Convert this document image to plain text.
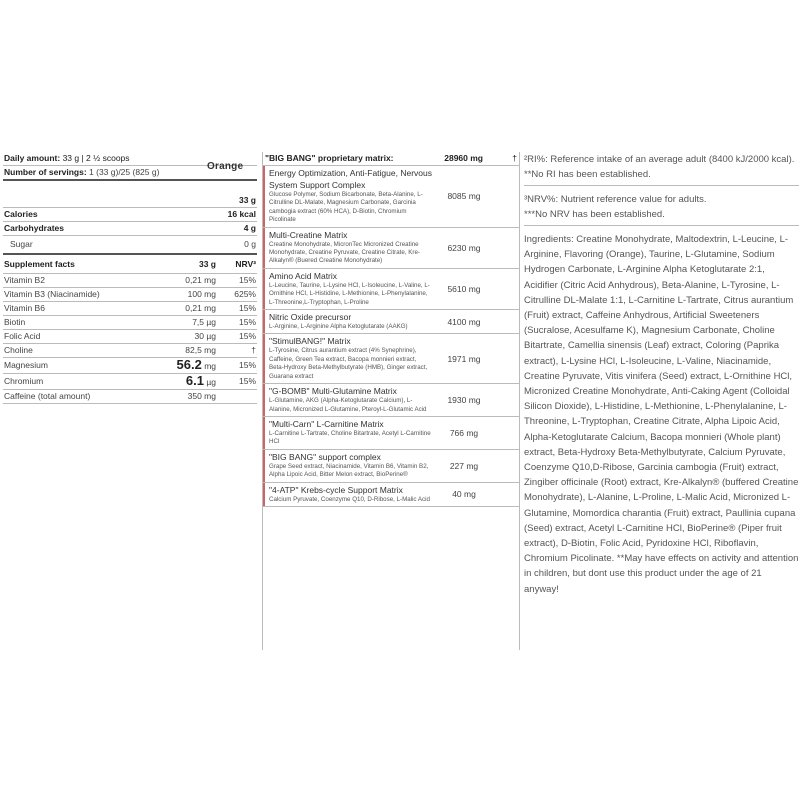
Daily amount: 33 g | 2 ½ scoops
Number of servings: 1 (33 g)/25 (825 g)
33 g
Calories	16 kcal
Carbohydrates	4 g
Sugar	0 g
Supplement facts	33 g	NRV³
Vitamin B2	0,21 mg	15%
Vitamin B3 (Niacinamide)	100 mg	625%
Vitamin B6	0,21 mg	15%
Biotin	7,5 µg	15%
Folic Acid	30 µg	15%
Choline	82,5 mg	†
Magnesium	56.2 mg	15%
Chromium	6.1 µg	15%
Caffeine (total amount)	350 mg
Orange
"BIG BANG" proprietary matrix:	28960 mg	†
Energy Optimization, Anti-Fatigue, Nervous System Support Complex
Glucose Polymer, Sodium Bicarbonate, Beta-Alanine, L-Citrulline DL-Malate, Magnesium Carbonate, Garcinia cambogia extract (60% HCA), D-Biotin, Chromium Picolinate
8085 mg
Multi-Creatine Matrix
Creatine Monohydrate, MicronTec Micronized Creatine Monohydrate, Creatine Pyruvate, Creatine Citrate, Kre-Alkalyn® (Buered Creatine Monohydrate)
6230 mg
Amino Acid Matrix
L-Leucine, Taurine, L-Lysine HCl, L-Isoleucine, L-Valine, L-Ornithine HCl, L-Histidine, L-Methionine, L-Phenylalanine, L-Threonine,L-Tryptophan, L-Proline
5610 mg
Nitric Oxide precursor
L-Arginine, L-Arginine Alpha Ketoglutarate (AAKG)	4100 mg
"StimulBANG!" Matrix
L-Tyrosine, Citrus aurantium extract (4% Synephrine), Caffeine, Green Tea extract, Bacopa monnieri extract, Beta-Hydroxy Beta-Methylbutyrate (HMB), Ginger extract, Guarana extract
1971 mg
"G-BOMB" Multi-Glutamine Matrix
L-Glutamine, AKG (Alpha-Ketoglutarate Calcium), L-Alanine, Micronized L-Glutamine, Pteroyl-L-Glutamic Acid
1930 mg
"Multi-Carn" L-Carnitine Matrix
L-Carnitine L-Tartrate, Choline Bitartrate, Acetyl L-Carnitine HCl
766 mg
"BIG BANG" support complex
Grape Seed extract, Niacinamide, Vitamin B6, Vitamin B2, Alpha Lipoic Acid, Bitter Melon extract, BioPerine®
227 mg
"4-ATP" Krebs-cycle Support Matrix
Calcium Pyruvate, Coenzyme Q10, D-Ribose, L-Malic Acid	40 mg
²RI%: Reference intake of an average adult (8400 kJ/2000 kcal).
**No RI has been established.
³NRV%: Nutrient reference value for adults.
***No NRV has been established.
Ingredients: Creatine Monohydrate, Maltodextrin, L-Leucine, L-Arginine, Flavoring (Orange), Taurine, L-Glutamine, Sodium Hydrogen Carbonate, L-Arginine Alpha Ketoglutarate 2:1, Acidifier (Citric Acid Anhydrous), Beta-Alanine, L-Tyrosine, L-Citrulline DL-Malate 1:1, L-Carnitine L-Tartrate, Citrus aurantium (Fruit) extract, Caffeine Anhydrous, Artificial Sweeteners (Sucralose, Acesulfame K), Magnesium Carbonate, Choline Bitartrate, Camellia sinensis (Leaf) extract, Coloring (Paprika extract), L-Lysine HCl, L-Isoleucine, L-Valine, Niacinamide, Creatine Pyruvate, Vitis vinifera (Seed) extract, L-Ornithine HCl, Micronized Creatine Monohydrate, Anti-Caking Agent (Colloidal Silicon Dioxide), L-Histidine, L-Methionine, L-Phenylalanine, L-Threonine, L-Tryptophan, Creatine Citrate, Alpha Lipoic Acid, Alpha-Ketoglutarate Calcium, Bacopa monnieri (Whole plant) extract, Beta-Hydroxy Beta-Methylbutyrate, Calcium Pyruvate, Coenzyme Q10,D-Ribose, Garcinia cambogia (Fruit) extract, Zingiber officinale (Root) extract, Kre-Alkalyn® (buffered Creatine Monohydrate), L-Alanine, L-Proline, L-Malic Acid, Micronized L-Glutamine, Momordica charantia (Fruit) extract, Paullinia cupana (Seed) extract, Acetyl L-Carnitine HCl, BioPerine® (Piper fruit extract), D-Biotin, Folic Acid, Pyridoxine HCl, Riboflavin, Chromium Picolinate. **May have effects on activity and attention in children, but dont use this product under the age of 21 anyway!
